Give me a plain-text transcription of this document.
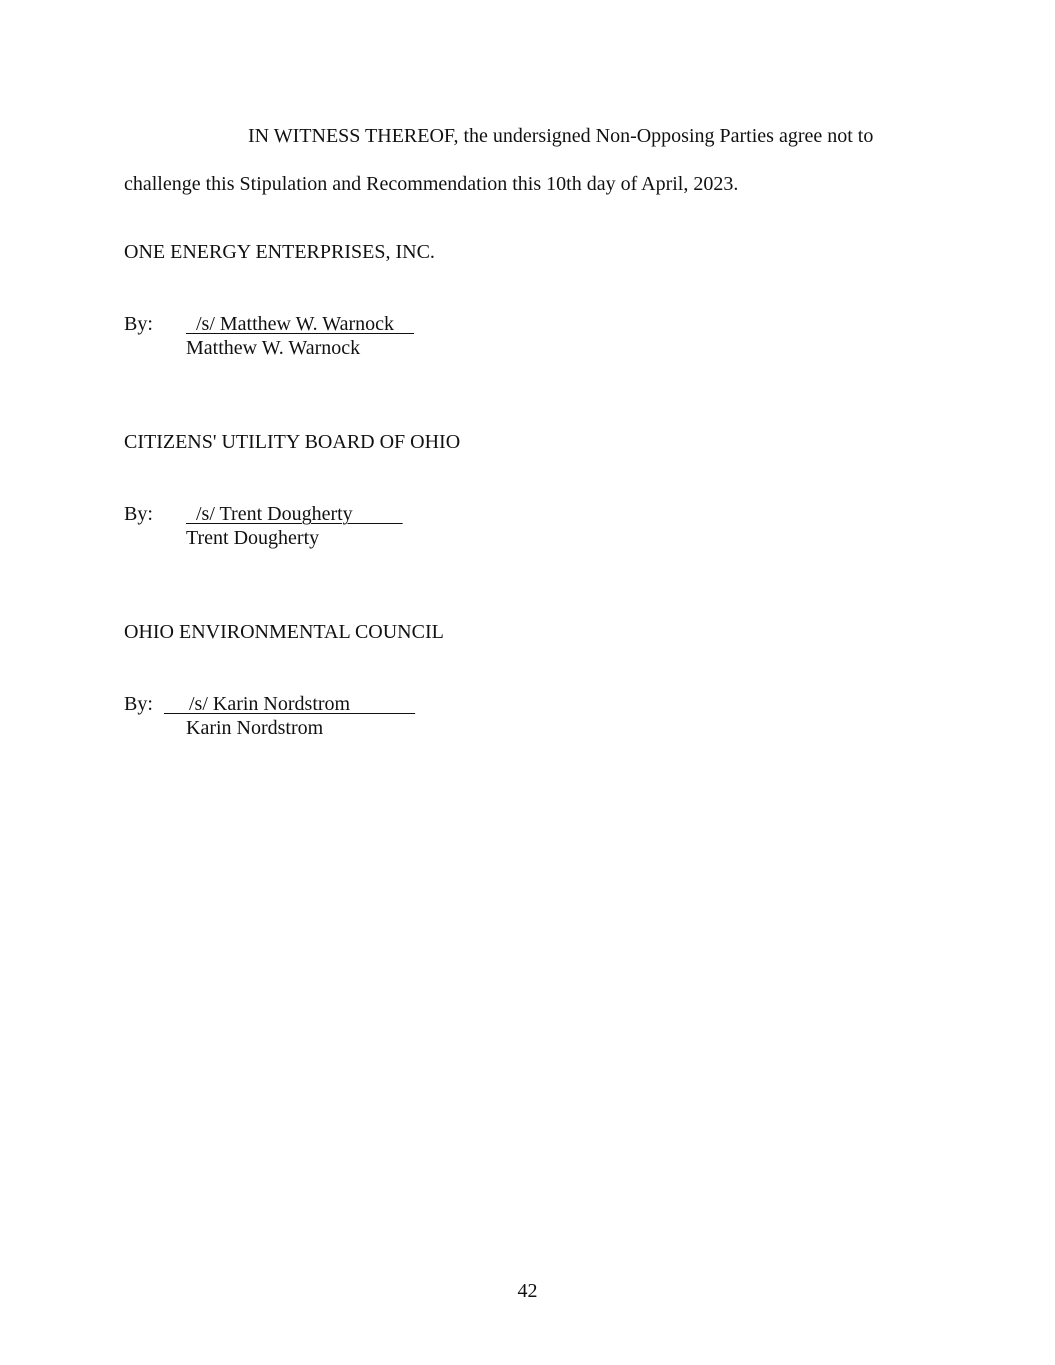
IN WITNESS THEREOF, the undersigned Non-Opposing Parties agree not to
challenge this Stipulation and Recommendation this 10th day of April, 2023.
ONE ENERGY ENTERPRISES, INC.
By: /s/ Matthew W. Warnock
Matthew W. Warnock
CITIZENS' UTILITY BOARD OF OHIO
By: /s/ Trent Dougherty
Trent Dougherty
OHIO ENVIRONMENTAL COUNCIL
By: /s/ Karin Nordstrom
Karin Nordstrom
42
